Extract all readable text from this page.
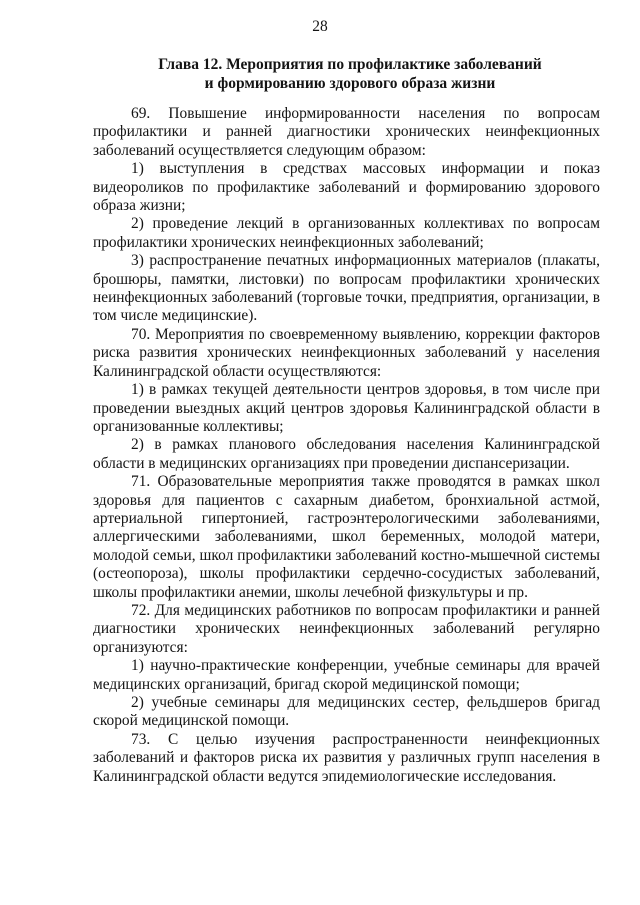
28
Глава 12. Мероприятия по профилактике заболеваний
и формированию здорового образа жизни

69. Повышение информированности населения по вопросам профилактики и ранней диагностики хронических неинфекционных заболеваний осуществляется следующим образом:

1) выступления в средствах массовых информации и показ видеороликов по профилактике заболеваний и формированию здорового образа жизни;

2) проведение лекций в организованных коллективах по вопросам профилактики хронических неинфекционных заболеваний;

3) распространение печатных информационных материалов (плакаты, брошюры, памятки, листовки) по вопросам профилактики хронических неинфекционных заболеваний (торговые точки, предприятия, организации, в том числе медицинские).

70. Мероприятия по своевременному выявлению, коррекции факторов риска развития хронических неинфекционных заболеваний у населения Калининградской области осуществляются:

1) в рамках текущей деятельности центров здоровья, в том числе при проведении выездных акций центров здоровья Калининградской области в организованные коллективы;

2) в рамках планового обследования населения Калининградской области в медицинских организациях при проведении диспансеризации.

71. Образовательные мероприятия также проводятся в рамках школ здоровья для пациентов с сахарным диабетом, бронхиальной астмой, артериальной гипертонией, гастроэнтерологическими заболеваниями, аллергическими заболеваниями, школ беременных, молодой матери, молодой семьи, школ профилактики заболеваний костно-мышечной системы (остеопороза), школы профилактики сердечно-сосудистых заболеваний, школы профилактики анемии, школы лечебной физкультуры и пр.

72. Для медицинских работников по вопросам профилактики и ранней диагностики хронических неинфекционных заболеваний регулярно организуются:

1) научно-практические конференции, учебные семинары для врачей медицинских организаций, бригад скорой медицинской помощи;

2) учебные семинары для медицинских сестер, фельдшеров бригад скорой медицинской помощи.

73. С целью изучения распространенности неинфекционных заболеваний и факторов риска их развития у различных групп населения в Калининградской области ведутся эпидемиологические исследования.
